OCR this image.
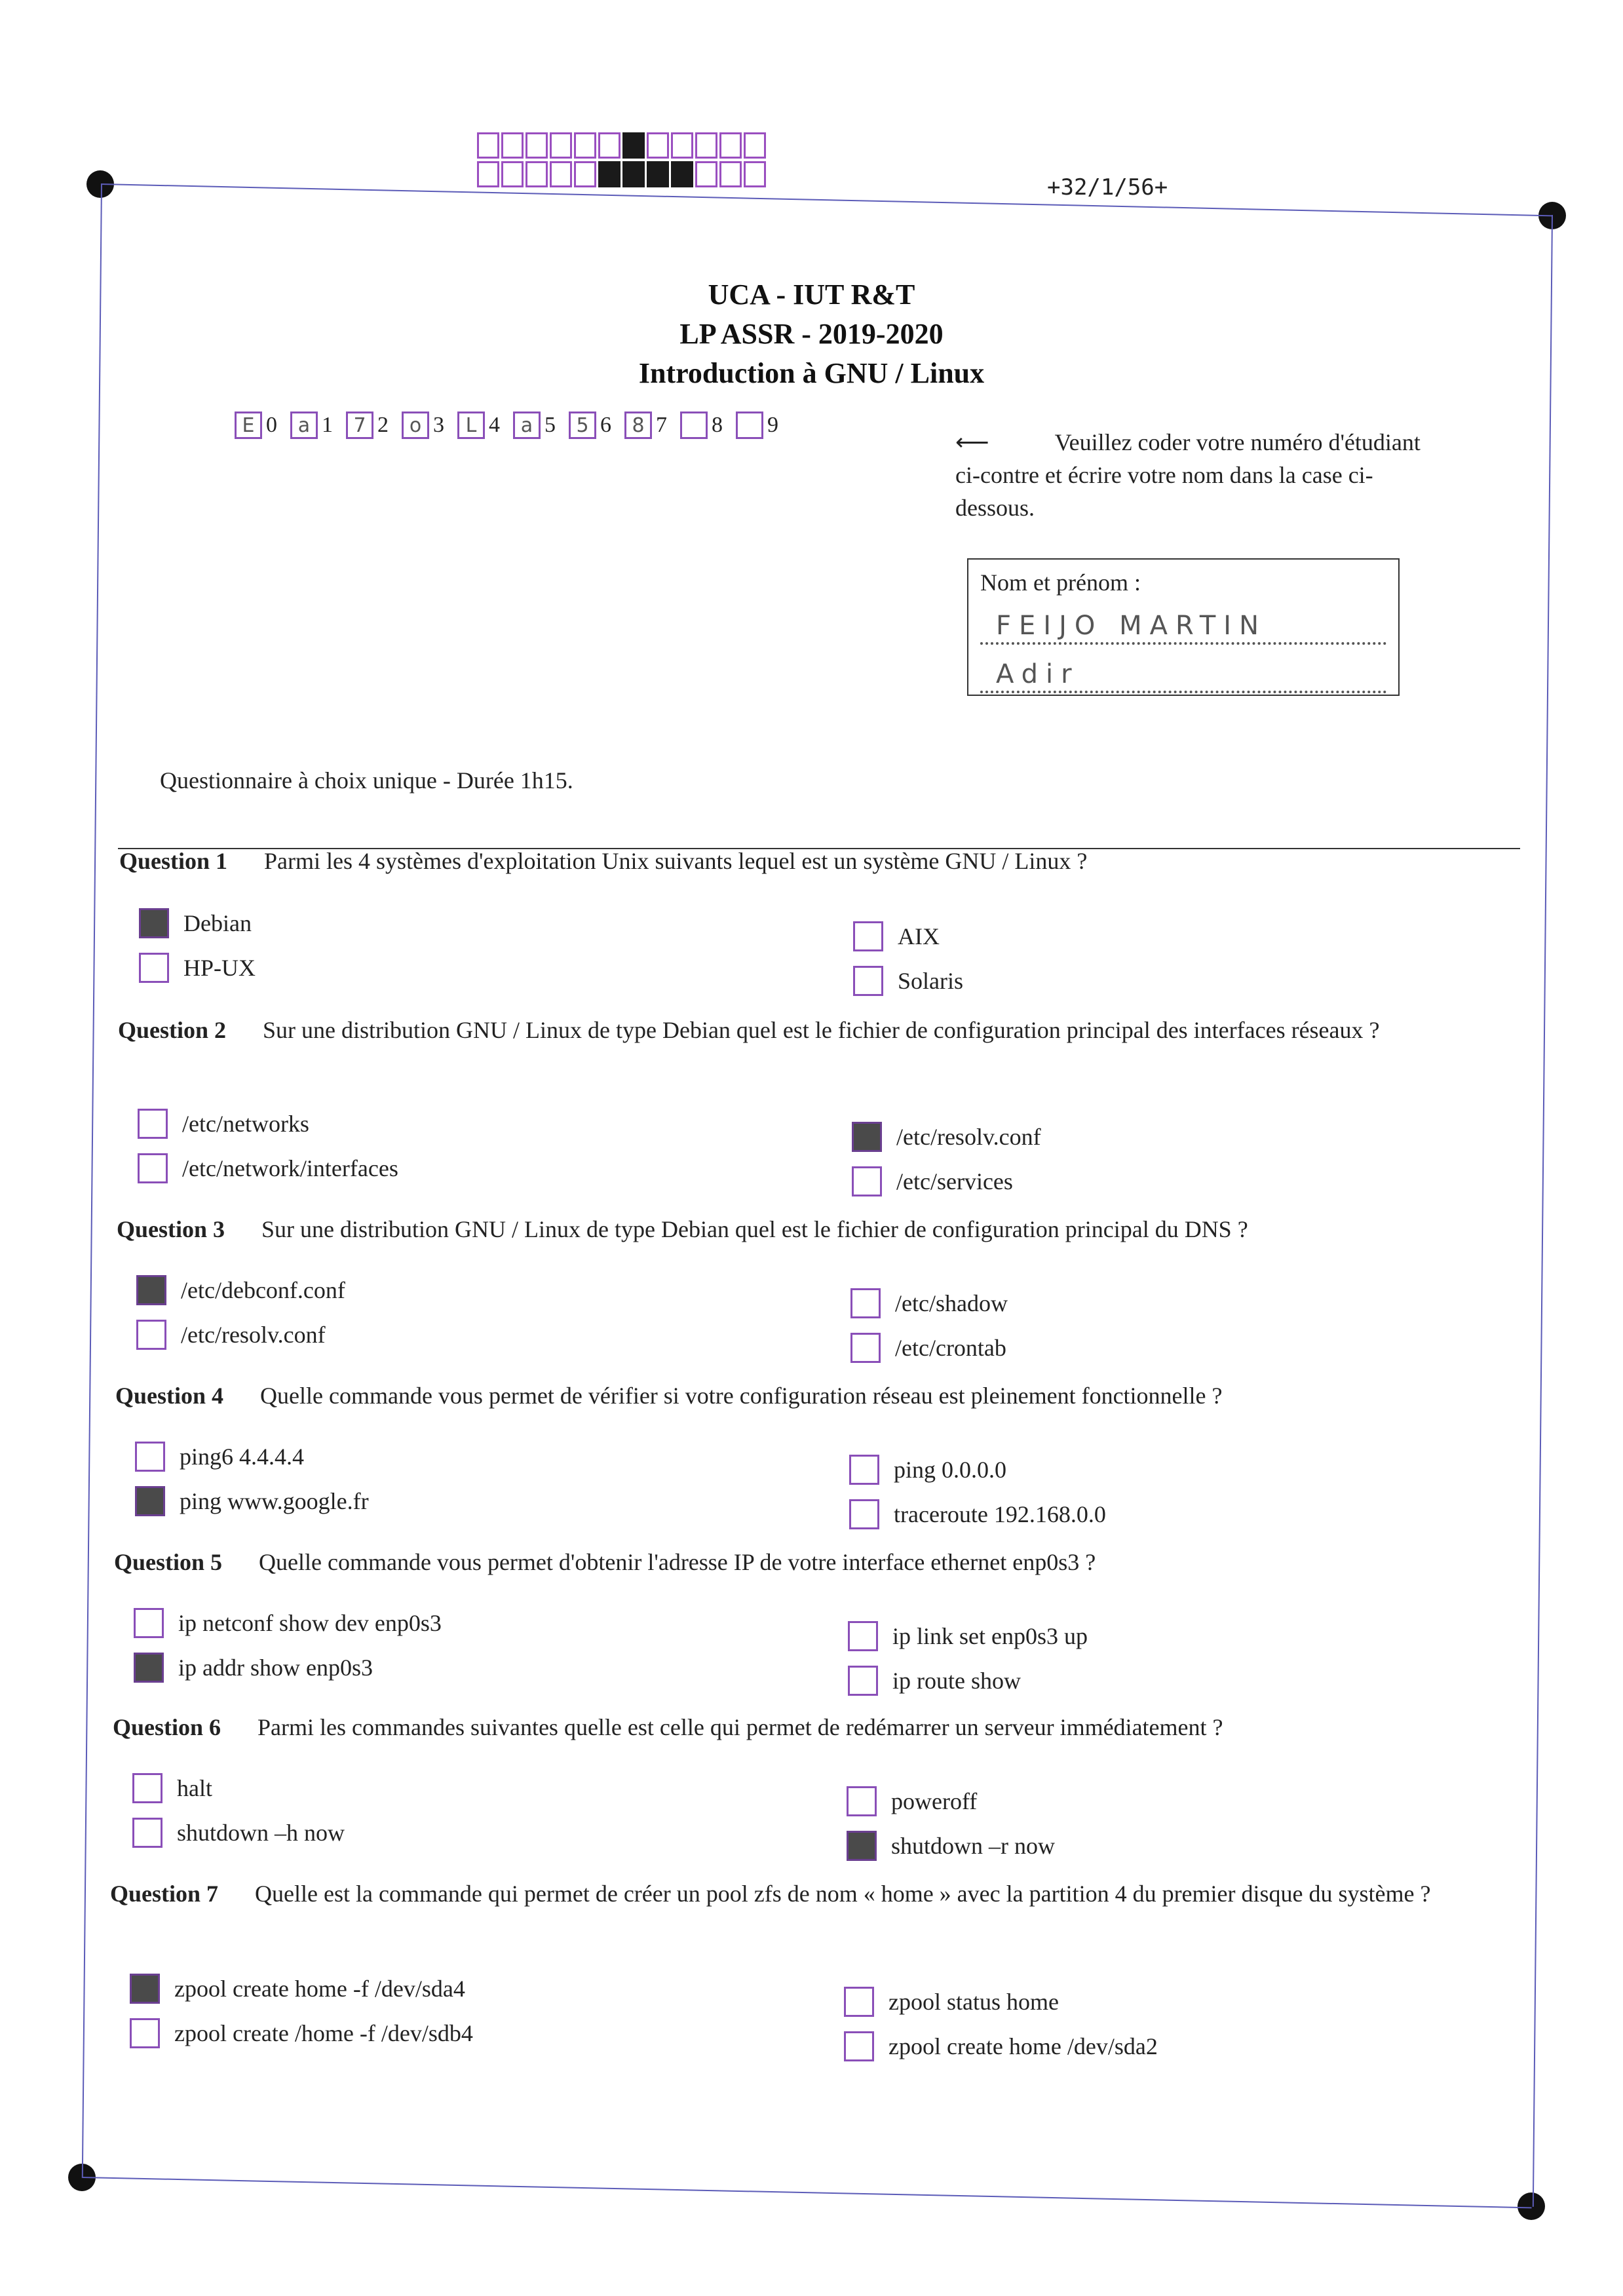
+32/1/56+
UCA - IUT R&T
LP ASSR - 2019-2020
Introduction à GNU / Linux
E 0	a 1	7 2	o 3	L 4	a 5	5 6	8 7 8 9
⟵	Veuillez coder votre numéro d'étudiant ci-contre et écrire votre nom dans la case ci-dessous.
Nom et prénom :
FEIJO MARTIN
Adir
Questionnaire à choix unique - Durée 1h15.
Question 1 Parmi les 4 systèmes d'exploitation Unix suivants lequel est un système GNU / Linux ?
Debian
HP-UX
AIX
Solaris
Question 2 Sur une distribution GNU / Linux de type Debian quel est le fichier de configuration principal des interfaces réseaux ?
/etc/networks
/etc/network/interfaces
/etc/resolv.conf
/etc/services
Question 3 Sur une distribution GNU / Linux de type Debian quel est le fichier de configuration principal du DNS ?
/etc/debconf.conf
/etc/resolv.conf
/etc/shadow
/etc/crontab
Question 4 Quelle commande vous permet de vérifier si votre configuration réseau est pleinement fonctionnelle ?
ping6 4.4.4.4
ping www.google.fr
ping 0.0.0.0
traceroute 192.168.0.0
Question 5 Quelle commande vous permet d'obtenir l'adresse IP de votre interface ethernet enp0s3 ?
ip netconf show dev enp0s3
ip addr show enp0s3
ip link set enp0s3 up
ip route show
Question 6 Parmi les commandes suivantes quelle est celle qui permet de redémarrer un serveur immédiatement ?
halt
shutdown –h now
poweroff
shutdown –r now
Question 7 Quelle est la commande qui permet de créer un pool zfs de nom « home » avec la partition 4 du premier disque du système ?
zpool create home -f /dev/sda4
zpool create /home -f /dev/sdb4
zpool status home
zpool create home /dev/sda2
